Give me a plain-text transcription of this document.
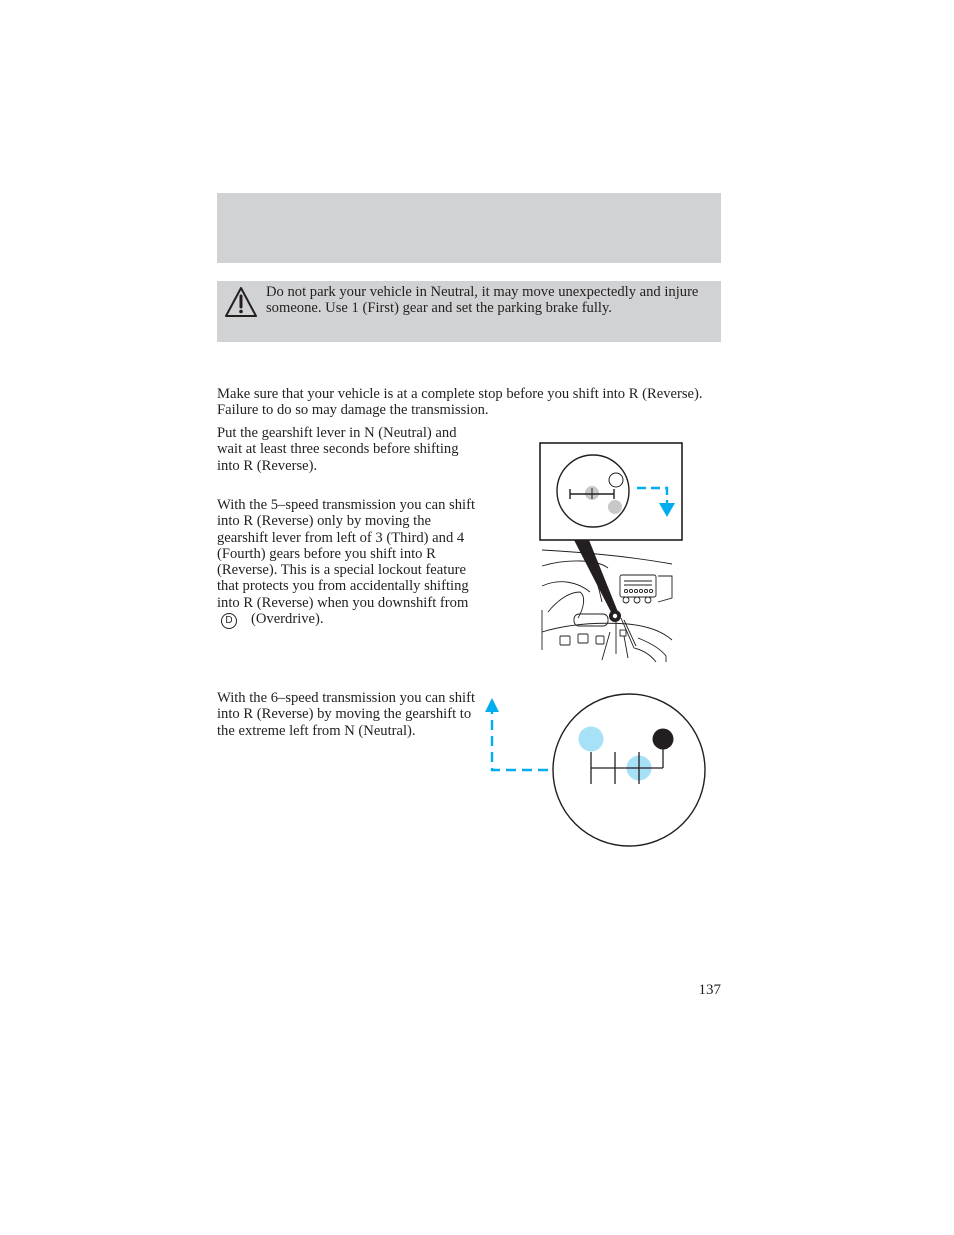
Do not park your vehicle in Neutral, it may move unexpectedly and injure someone. Use 1 (First) gear and set the parking brake fully.

Make sure that your vehicle is at a complete stop before you shift into R (Reverse). Failure to do so may damage the transmission.

Put the gearshift lever in N (Neutral) and wait at least three seconds before shifting into R (Reverse).

With the 5–speed transmission you can shift into R (Reverse) only by moving the gearshift lever from left of 3 (Third) and 4 (Fourth) gears before you shift into R (Reverse). This is a special lockout feature that protects you from accidentally shifting into R (Reverse) when you downshift fromD (Overdrive).

With the 6–speed transmission you can shift into R (Reverse) by moving the gearshift to the extreme left from N (Neutral).

137
